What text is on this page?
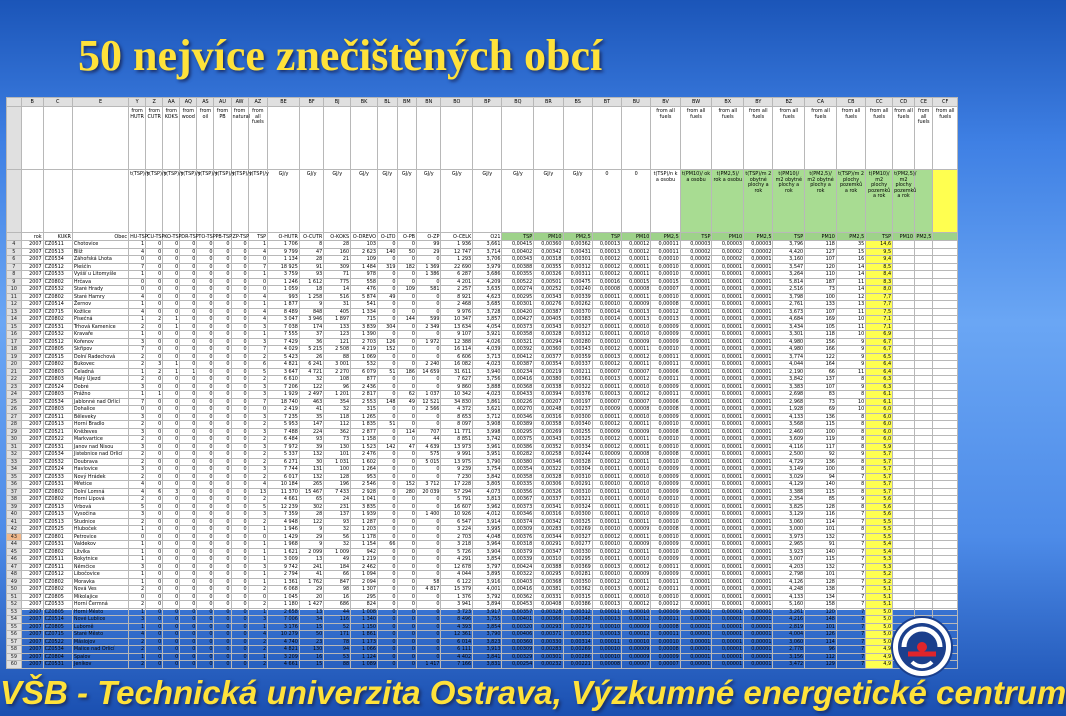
50 nejvíce znečištěných obcí
	B	C	E	Y	Z	AA	AQ	AS	AU	AW	AZ	BE	BF	BJ	BK	BL	BM	BN	BO	BP	BQ	BR	BS	BT	BU	BV	BW	BX	BY	BZ	CA	CB	CC	CD	CE	CF
				from HUTR	from CUTR	from KOKS	from wood	from oil	from PB	from natural	from all fuels															from all fuels	from all fuels	from all fuels	from all fuels	from all fuels	from all fuels	from all fuels	from all fuels	from all fuels	from all fuels	from all fuels
				t(TSP)/y	t(TSP)/y	t(TSP)/y	t(TSP)/y	t(TSP)/y	t(TSP)/y	t(TSP)/y	t(TSP)/y	GJ/y	GJ/y	GJ/y	GJ/y	GJ/y	GJ/y	GJ/y	GJ/y	GJ/y	GJ/y	GJ/y	GJ/y	0	0	t(TSP)/n k a osobu	t(PM10)/ ok a osobu	t(PM2,5)/ rok a osobu	t(TSP)/m 2 obytné plochy a rok	t(PM10)/ m2 obytné plochy a rok	t(PM2,5)/ m2 obytné plochy a rok	t(TSP)/m 2 plochy pozemků a rok	t(PM10)/ m2 plochy pozemků a rok	t(PM2,5)/ m2 plochy pozemků a rok		
	rok	KUKR	Obec	HU-TSP	CU-TSP	KO-TSP	DR-TSP	TO-TSP	PB-TSP	ZP-TSP	TSP	O-HUTR	O-CUTR	O-KOKS	O-DREVO	O-LTO	O-PB	O-ZP	O-CELK	O21	TSP	PM10	PM2,5	TSP	PM10	PM2,5	TSP	PM10	PM2,5	TSP	PM10	PM2,5	TSP	PM10	PM2,5	
4	2007	CZ0511	Chotovice	1	0	0	0	0	0	0	1	1 706	8	28	103	0	0	99	1 936	3,661	0,00415	0,00360	0,00362	0,00013	0,00012	0,00011	0,00003	0,00003	0,00003	3,796	118	35	14,6			
5	2007	CZ0513	Blíž	4	0	0	0	0	0	0	4	9 799	47	160	2 623	140	50	29	12 747	3,714	0,00402	0,00342	0,00431	0,00013	0,00012	0,00011	0,00002	0,00002	0,00002	4,420	127	15	9,5			
6	2007	CZ0534	Záhořská Lhota	0	0	0	0	0	0	0	0	1 134	28	21	109	0	0	0	1 293	3,706	0,00343	0,00318	0,00301	0,00012	0,00011	0,00010	0,00002	0,00002	0,00001	3,160	107	16	9,4			
7	2007	CZ0512	Pleščín	7	0	0	0	0	0	0	7	18 925	91	309	1 484	319	182	1 369	22 690	3,979	0,00388	0,00355	0,00312	0,00012	0,00011	0,00010	0,00001	0,00001	0,00001	3,547	120	14	8,5			
8	2007	CZ0533	Vyšší u Litomyšle	1	0	0	0	0	0	0	1	3 759	93	71	978	0	0	1 386	6 287	3,686	0,00355	0,00326	0,00311	0,00012	0,00011	0,00010	0,00001	0,00001	0,00001	3,264	110	14	8,4			
9	2007	CZ0802	Hrčava	0	0	0	0	0	0	0	0	1 246	1 612	775	558	0	0	0	4 201	4,209	0,00522	0,00501	0,00475	0,00016	0,00015	0,00015	0,00001	0,00001	0,00001	5,814	187	11	8,3			
10	2007	CZ0532	Staré Hrady	0	0	0	0	0	0	0	0	1 059	18	14	476	0	109	581	2 257	3,635	0,00274	0,00252	0,00240	0,00008	0,00008	0,00007	0,00001	0,00001	0,00001	2,516	73	14	8,0			
11	2007	CZ0802	Staré Hamry	4	0	0	0	0	0	0	4	993	1 258	516	5 874	49	0	0	8 921	4,623	0,00295	0,00343	0,00339	0,00011	0,00011	0,00010	0,00001	0,00001	0,00001	3,798	100	12	7,7			
12	2007	CZ0514	Žernov	1	0	0	0	0	0	0	1	1 877	9	31	541	0	0	0	2 468	3,685	0,00301	0,00276	0,00262	0,00010	0,00009	0,00008	0,00001	0,00001	0,00001	2,761	133	13	7,7			
13	2007	CZ0715	Kožlice	4	0	0	0	0	0	0	4	8 489	848	405	1 334	0	0	0	9 976	3,728	0,00420	0,00387	0,00370	0,00014	0,00013	0,00012	0,00001	0,00001	0,00001	3,673	107	11	7,5			
14	2007	CZ0802	Písečná	1	2	1	0	0	0	0	4	3 047	3 946	1 897	715	0	144	599	10 347	3,857	0,00427	0,00405	0,00383	0,00014	0,00013	0,00013	0,00001	0,00001	0,00001	4,684	169	10	7,1			
15	2007	CZ0531	Trhová Kamenice	2	0	1	0	0	0	0	3	7 038	174	133	3 839	304	0	2 349	13 634	4,054	0,00373	0,00343	0,00327	0,00011	0,00010	0,00009	0,00001	0,00001	0,00001	3,434	105	11	7,1			
16	2007	CZ0532	Kravaře	1	0	0	0	0	0	0	1	7 555	37	123	1 390	0	0	0	9 107	3,921	0,00358	0,00328	0,00312	0,00011	0,00010	0,00009	0,00001	0,00001	0,00001	3,301	118	10	6,9			
17	2007	CZ0512	Kořenov	3	0	0	0	0	0	0	3	7 429	36	121	2 703	126	0	1 972	12 388	4,026	0,00321	0,00294	0,00280	0,00010	0,00009	0,00009	0,00001	0,00001	0,00001	4,980	156	9	6,7			
18	2007	CZ0805	Skřipov	7	0	0	0	0	0	0	7	4 029	5 215	2 508	4 219	152	0	0	16 114	4,039	0,00392	0,00360	0,00343	0,00012	0,00011	0,00010	0,00001	0,00001	0,00001	4,980	166	9	6,7			
19	2007	CZ0515	Dolní Radechová	2	0	0	0	0	0	0	2	5 423	26	88	1 069	0	0	0	6 606	3,713	0,00412	0,00377	0,00359	0,00013	0,00012	0,00011	0,00001	0,00001	0,00001	3,774	122	9	6,5			
20	2007	CZ0802	Bukovec	2	3	1	0	0	0	0	6	4 821	6 241	3 001	532	0	0	2 240	16 082	4,023	0,00387	0,00354	0,00337	0,00012	0,00011	0,00011	0,00001	0,00001	0,00001	4,044	164	9	6,4			
21	2007	CZ0803	Čeladná	1	2	1	1	0	0	0	5	3 647	4 721	2 270	6 079	51	186	14 659	31 611	3,940	0,00234	0,00219	0,00211	0,00007	0,00007	0,00006	0,00001	0,00001	0,00001	2,190	66	11	6,4			
22	2007	CZ0803	Malý Újezd	2	0	0	0	0	0	0	2	6 610	32	108	877	0	0	0	7 627	3,756	0,00416	0,00380	0,00361	0,00013	0,00012	0,00011	0,00001	0,00001	0,00001	3,842	137	8	6,3			
23	2007	CZ0524	Dobré	3	0	0	0	0	0	0	3	7 206	122	96	2 436	0	0	0	9 860	3,888	0,00368	0,00338	0,00322	0,00011	0,00010	0,00009	0,00001	0,00001	0,00001	3,383	107	9	6,3			
24	2007	CZ0803	Prážno	1	1	0	0	0	0	0	3	1 929	2 497	1 201	2 817	0	62	1 037	10 342	4,023	0,00433	0,00394	0,00376	0,00013	0,00012	0,00011	0,00001	0,00001	0,00001	2,698	83	8	6,1			
25	2007	CZ0534	Jablonné nad Orlicí	7	0	0	0	0	0	0	7	18 740	463	354	2 553	148	49	12 521	34 830	3,861	0,00226	0,00207	0,00197	0,00007	0,00007	0,00006	0,00001	0,00001	0,00001	2,968	73	10	6,1			
26	2007	CZ0803	Dohalice	0	0	0	0	0	0	0	0	2 419	41	32	315	0	0	2 566	4 372	3,621	0,00270	0,00248	0,00237	0,00009	0,00008	0,00008	0,00001	0,00001	0,00001	1,928	69	10	6,0			
27	2007	CZ0511	Běleveky	3	0	0	0	0	0	0	3	7 235	35	118	1 265	0	0	0	8 653	3,712	0,00346	0,00316	0,00300	0,00011	0,00010	0,00009	0,00001	0,00001	0,00001	4,133	136	8	6,0			
28	2007	CZ0513	Horní Bradlo	2	0	0	0	0	0	0	2	5 953	147	112	1 835	51	0	0	8 097	3,908	0,00389	0,00358	0,00340	0,00012	0,00011	0,00010	0,00001	0,00001	0,00001	3,568	115	8	6,0			
29	2007	CZ0521	Kněževes	3	0	0	0	0	0	0	3	7 488	224	362	2 877	0	114	707	11 771	3,998	0,00295	0,00269	0,00255	0,00009	0,00009	0,00008	0,00001	0,00001	0,00001	2,460	100	8	6,0			
30	2007	CZ0522	Markvartice	2	0	0	0	0	0	0	2	6 484	93	73	1 158	0	0	44	8 851	3,742	0,00375	0,00343	0,00325	0,00012	0,00011	0,00010	0,00001	0,00001	0,00001	3,609	119	8	6,0			
31	2007	CZ0531	Janov nad Nisou	3	0	0	0	0	0	0	3	7 972	39	130	1 523	142	47	4 639	13 973	3,961	0,00386	0,00352	0,00334	0,00012	0,00011	0,00010	0,00001	0,00001	0,00001	4,116	117	8	5,9			
32	2007	CZ0534	Jistebnice nad Orlicí	2	0	0	0	0	0	0	2	5 337	132	101	2 476	0	0	575	9 991	3,951	0,00282	0,00258	0,00244	0,00009	0,00008	0,00008	0,00001	0,00001	0,00001	2,500	92	9	5,7			
33	2007	CZ0532	Doubrava	2	0	0	0	0	0	0	2	6 271	30	1 031	1 602	0	0	5 015	13 975	3,790	0,00380	0,00346	0,00328	0,00012	0,00011	0,00010	0,00001	0,00001	0,00001	4,729	136	8	5,7			
34	2007	CZ0524	Havlovice	3	0	0	0	0	0	0	3	7 744	131	100	1 264	0	0	0	9 239	3,754	0,00354	0,00322	0,00304	0,00011	0,00010	0,00009	0,00001	0,00001	0,00001	3,149	100	8	5,7			
35	2007	CZ0533	Nový Hrádek	2	0	0	0	0	0	0	2	6 017	132	128	953	0	0	0	7 230	3,842	0,00358	0,00328	0,00310	0,00011	0,00010	0,00009	0,00001	0,00001	0,00001	3,029	94	7	5,7			
36	2007	CZ0531	Mřetice	4	0	0	0	0	0	0	4	10 184	265	196	2 546	0	152	3 712	17 228	3,805	0,00335	0,00306	0,00291	0,00010	0,00010	0,00009	0,00001	0,00001	0,00001	4,129	140	8	5,7			
37	2007	CZ0802	Dolní Lomná	4	6	3	0	0	0	0	13	11 370	15 467	7 433	2 928	0	280	20 039	57 294	4,073	0,00356	0,00326	0,00310	0,00011	0,00010	0,00009	0,00001	0,00001	0,00001	3,388	115	8	5,7			
38	2007	CZ0802	Horní Lipová	2	0	0	0	0	0	0	2	4 661	65	24	1 041	0	0	0	5 791	3,813	0,00367	0,00337	0,00321	0,00011	0,00010	0,00010	0,00001	0,00001	0,00001	2,354	85	9	5,6			
39	2007	CZ0513	Vrbová	5	0	0	0	0	0	0	5	12 239	302	231	3 835	0	0	0	16 607	3,962	0,00373	0,00341	0,00324	0,00011	0,00011	0,00010	0,00001	0,00001	0,00001	3,825	128	8	5,6			
40	2007	CZ0513	Vysočina	3	0	0	0	0	0	0	3	7 359	28	137	1 939	0	0	1 400	10 926	4,012	0,00346	0,00316	0,00300	0,00011	0,00010	0,00009	0,00001	0,00001	0,00001	3,129	116	7	5,6			
41	2007	CZ0513	Studnice	2	0	0	0	0	0	0	2	4 948	122	93	1 287	0	0	0	6 547	3,914	0,00374	0,00342	0,00325	0,00011	0,00011	0,00010	0,00001	0,00001	0,00001	3,060	114	7	5,5			
42	2007	CZ0525	Hluboček	1	0	0	0	0	0	0	1	1 946	9	32	1 203	0	0	0	3 224	3,995	0,00309	0,00283	0,00269	0,00010	0,00009	0,00008	0,00001	0,00001	0,00001	3,000	101	8	5,5			
43	2007	CZ0801	Petrovice	0	0	0	0	0	0	0	0	1 429	29	56	1 178	0	0	0	2 703	4,048	0,00376	0,00344	0,00327	0,00012	0,00011	0,00010	0,00001	0,00001	0,00001	3,973	132	7	5,5			
44	2007	CZ0531	Valdekov	1	0	0	0	0	0	0	1	1 968	9	32	1 154	66	0	0	3 218	3,964	0,00318	0,00291	0,00277	0,00010	0,00009	0,00009	0,00001	0,00001	0,00001	2,965	91	7	5,4			
45	2007	CZ0802	Litvíka	1	0	0	0	0	0	0	1	1 621	2 099	1 009	942	0	0	0	5 726	3,904	0,00379	0,00347	0,00330	0,00012	0,00011	0,00010	0,00001	0,00001	0,00001	3,923	140	7	5,4			
46	2007	CZ0511	Rokytnice	1	0	0	0	0	0	0	1	3 009	13	49	1 219	0	0	0	4 291	3,854	0,00339	0,00310	0,00295	0,00011	0,00010	0,00009	0,00001	0,00001	0,00001	3,007	115	7	5,3			
47	2007	CZ0511	Němčice	3	0	0	0	0	0	0	3	9 742	241	184	2 462	0	0	0	12 678	3,797	0,00424	0,00388	0,00369	0,00013	0,00012	0,00011	0,00001	0,00001	0,00001	4,203	132	7	5,3			
48	2007	CZ0512	Libočovice	1	0	0	0	0	0	0	1	2 794	41	66	1 094	0	0	0	4 044	3,895	0,00322	0,00295	0,00281	0,00010	0,00009	0,00009	0,00001	0,00001	0,00001	2,798	101	7	5,2			
49	2007	CZ0802	Moravka	1	0	0	0	0	0	0	1	1 361	1 762	847	2 094	0	0	58	6 122	3,916	0,00403	0,00368	0,00350	0,00012	0,00011	0,00011	0,00001	0,00001	0,00001	4,126	128	7	5,2			
50	2007	CZ0802	Nová Ves	2	0	0	0	0	0	0	2	6 068	29	98	1 307	0	0	4 817	15 379	4,001	0,00416	0,00381	0,00362	0,00013	0,00012	0,00011	0,00001	0,00001	0,00001	4,248	138	7	5,1			
51	2007	CZ0805	Mikolajice	0	0	0	0	0	0	0	0	1 045	20	16	295	0	0	0	1 376	3,792	0,00362	0,00331	0,00315	0,00011	0,00010	0,00010	0,00001	0,00001	0,00001	4,133	134	7	5,1			
52	2007	CZ0533	Horní Čermná	2	0	0	0	0	0	0	2	1 180	1 427	686	824	0	0	0	3 941	3,894	0,00453	0,00408	0,00386	0,00013	0,00012	0,00012	0,00001	0,00001	0,00001	5,160	158	7	5,1			
53	2007	CZ0805	Horní Město	1	0	0	0	0	0	0	1	2 658	13	44	1 008	0	0	0	3 723	3,917	0,00357	0,00328	0,00312	0,00011	0,00010	0,00009	0,00001	0,00001	0,00001	3,261	120	7	5,0			
54	2007	CZ0514	Nové Lublice	3	0	0	0	0	0	0	3	7 006	34	116	1 340	0	0	0	8 496	3,755	0,00401	0,00366	0,00348	0,00013	0,00012	0,00011	0,00001	0,00001	0,00001	4,216	148	7	5,0			
55	2007	CZ0805	Lubomě	1	0	0	0	0	0	0	1	3 176	15	52	1 150	0	0	0	4 393	3,854	0,00320	0,00293	0,00279	0,00010	0,00009	0,00008	0,00001	0,00001	0,00001	2,819	101	7	5,0			
56	2007	CZ0715	Staré Město	4	0	0	0	0	0	0	4	10 279	50	171	1 861	0	0	0	12 361	3,790	0,00406	0,00371	0,00352	0,00013	0,00012	0,00011	0,00001	0,00001	0,00001	4,004	126	7	5,0			
57	2007	CZ0522	Máslojov	2	0	0	0	0	0	0	2	4 740	23	78	1 173	0	0	0	6 014	3,823	0,00360	0,00330	0,00314	0,00011	0,00010	0,00010	0,00001	0,00001	0,00001	3,060	114	7	5,0			
58	2007	CZ0534	Malice nad Orlicí	2	0	0	0	0	0	0	2	4 821	130	94	1 066	0	0	0	6 111	3,913	0,00309	0,00283	0,00269	0,00010	0,00009	0,00008	0,00001	0,00001	0,00001	2,778	96	7	4,9			
59	2007	CZ0804	Spalov	1	0	0	0	0	0	0	1	3 209	16	53	1 124	0	0	0	4 402	3,841	0,00329	0,00301	0,00286	0,00010	0,00009	0,00009	0,00001	0,00001	0,00001	3,156	112	7	4,9			
60	2007	CZ0531	Jeníkov	2	0	0	0	0	0	0	2	4 661	15	88	1 089	0	0	1 417	7 166	3,831	0,00254	0,00232	0,00221	0,00008	0,00007	0,00007	0,00001	0,00001	0,00001	3,472	129	7	4,9			
VŠB - Technická univerzita Ostrava, Výzkumné energetické centrum
